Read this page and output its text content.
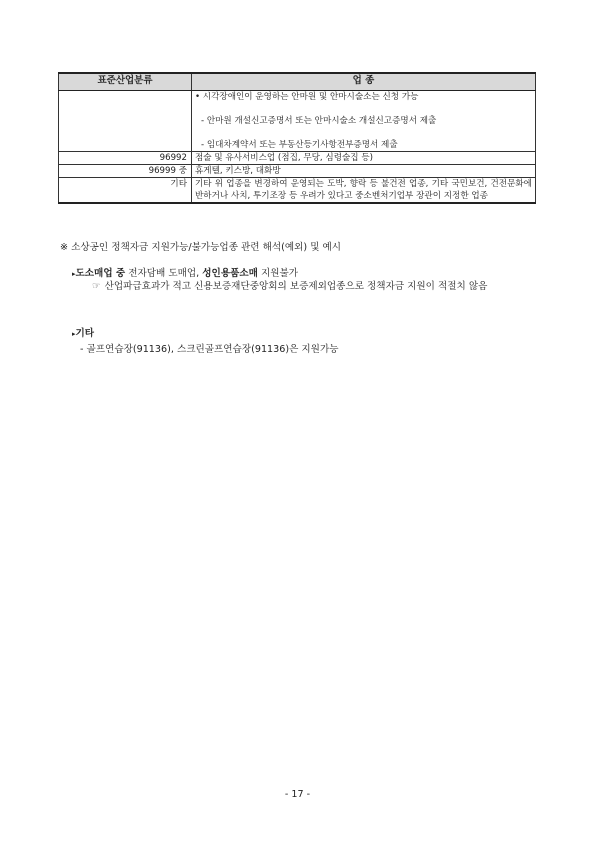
표준산업분류	업 종

	• 시각장애인이 운영하는 안마원 및 안마시술소는 신청 가능
- 안마원 개설신고증명서 또는 안마시술소 개설신고증명서 제출
- 임대차계약서 또는 부동산등기사항전부증명서 제출

96992	점술 및 유사서비스업 (점집, 무당, 심령술집 등)
96999 중	휴게텔, 키스방, 대화방
기타	기타 위 업종을 변경하여 운영되는 도박, 향락 등 불건전 업종, 기타 국민보건, 건전문화에 반하거나 사치, 투기조장 등 우려가 있다고 중소벤처기업부 장관이 지정한 업종
※ 소상공인 정책자금 지원가능/불가능업종 관련 해석(예외) 및 예시
▸도소매업 중 전자담배 도매업, 성인용품소매 지원불가
☞ 산업파급효과가 적고 신용보증재단중앙회의 보증제외업종으로 정책자금 지원이 적절치 않음
▸기타
- 골프연습장(91136), 스크린골프연습장(91136)은 지원가능
- 17 -
